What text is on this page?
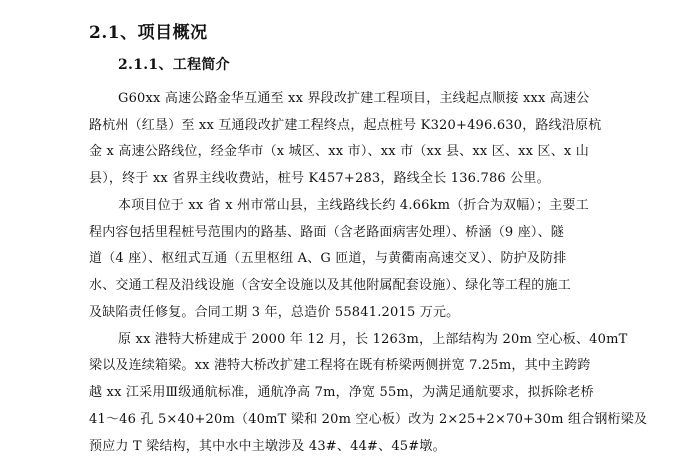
2.1、项目概况
2.1.1、工程简介
G60xx 高速公路金华互通至 xx 界段改扩建工程项目，主线起点顺接 xxx 高速公
路杭州（红垦）至 xx 互通段改扩建工程终点，起点桩号 K320+496.630，路线沿原杭
金 x 高速公路线位，经金华市（x 城区、xx 市）、xx 市（xx 县、xx 区、xx 区、x 山
县），终于 xx 省界主线收费站，桩号 K457+283，路线全长 136.786 公里。
本项目位于 xx 省 x 州市常山县，主线路线长约 4.66km（折合为双幅）；主要工
程内容包括里程桩号范围内的路基、路面（含老路面病害处理）、桥涵（9 座）、隧
道（4 座）、枢纽式互通（五里枢纽 A、G 匝道，与黄衢南高速交叉）、防护及防排
水、交通工程及沿线设施（含安全设施以及其他附属配套设施）、绿化等工程的施工
及缺陷责任修复。合同工期 3 年，总造价 55841.2015 万元。
原 xx 港特大桥建成于 2000 年 12 月，长 1263m，上部结构为 20m 空心板、40mT
梁以及连续箱梁。xx 港特大桥改扩建工程将在既有桥梁两侧拼宽 7.25m，其中主跨跨
越 xx 江采用Ⅲ级通航标准，通航净高 7m，净宽 55m，为满足通航要求，拟拆除老桥
41～46 孔 5×40+20m（40mT 梁和 20m 空心板）改为 2×25+2×70+30m 组合钢桁梁及
预应力 T 梁结构，其中水中主墩涉及 43#、44#、45#墩。
